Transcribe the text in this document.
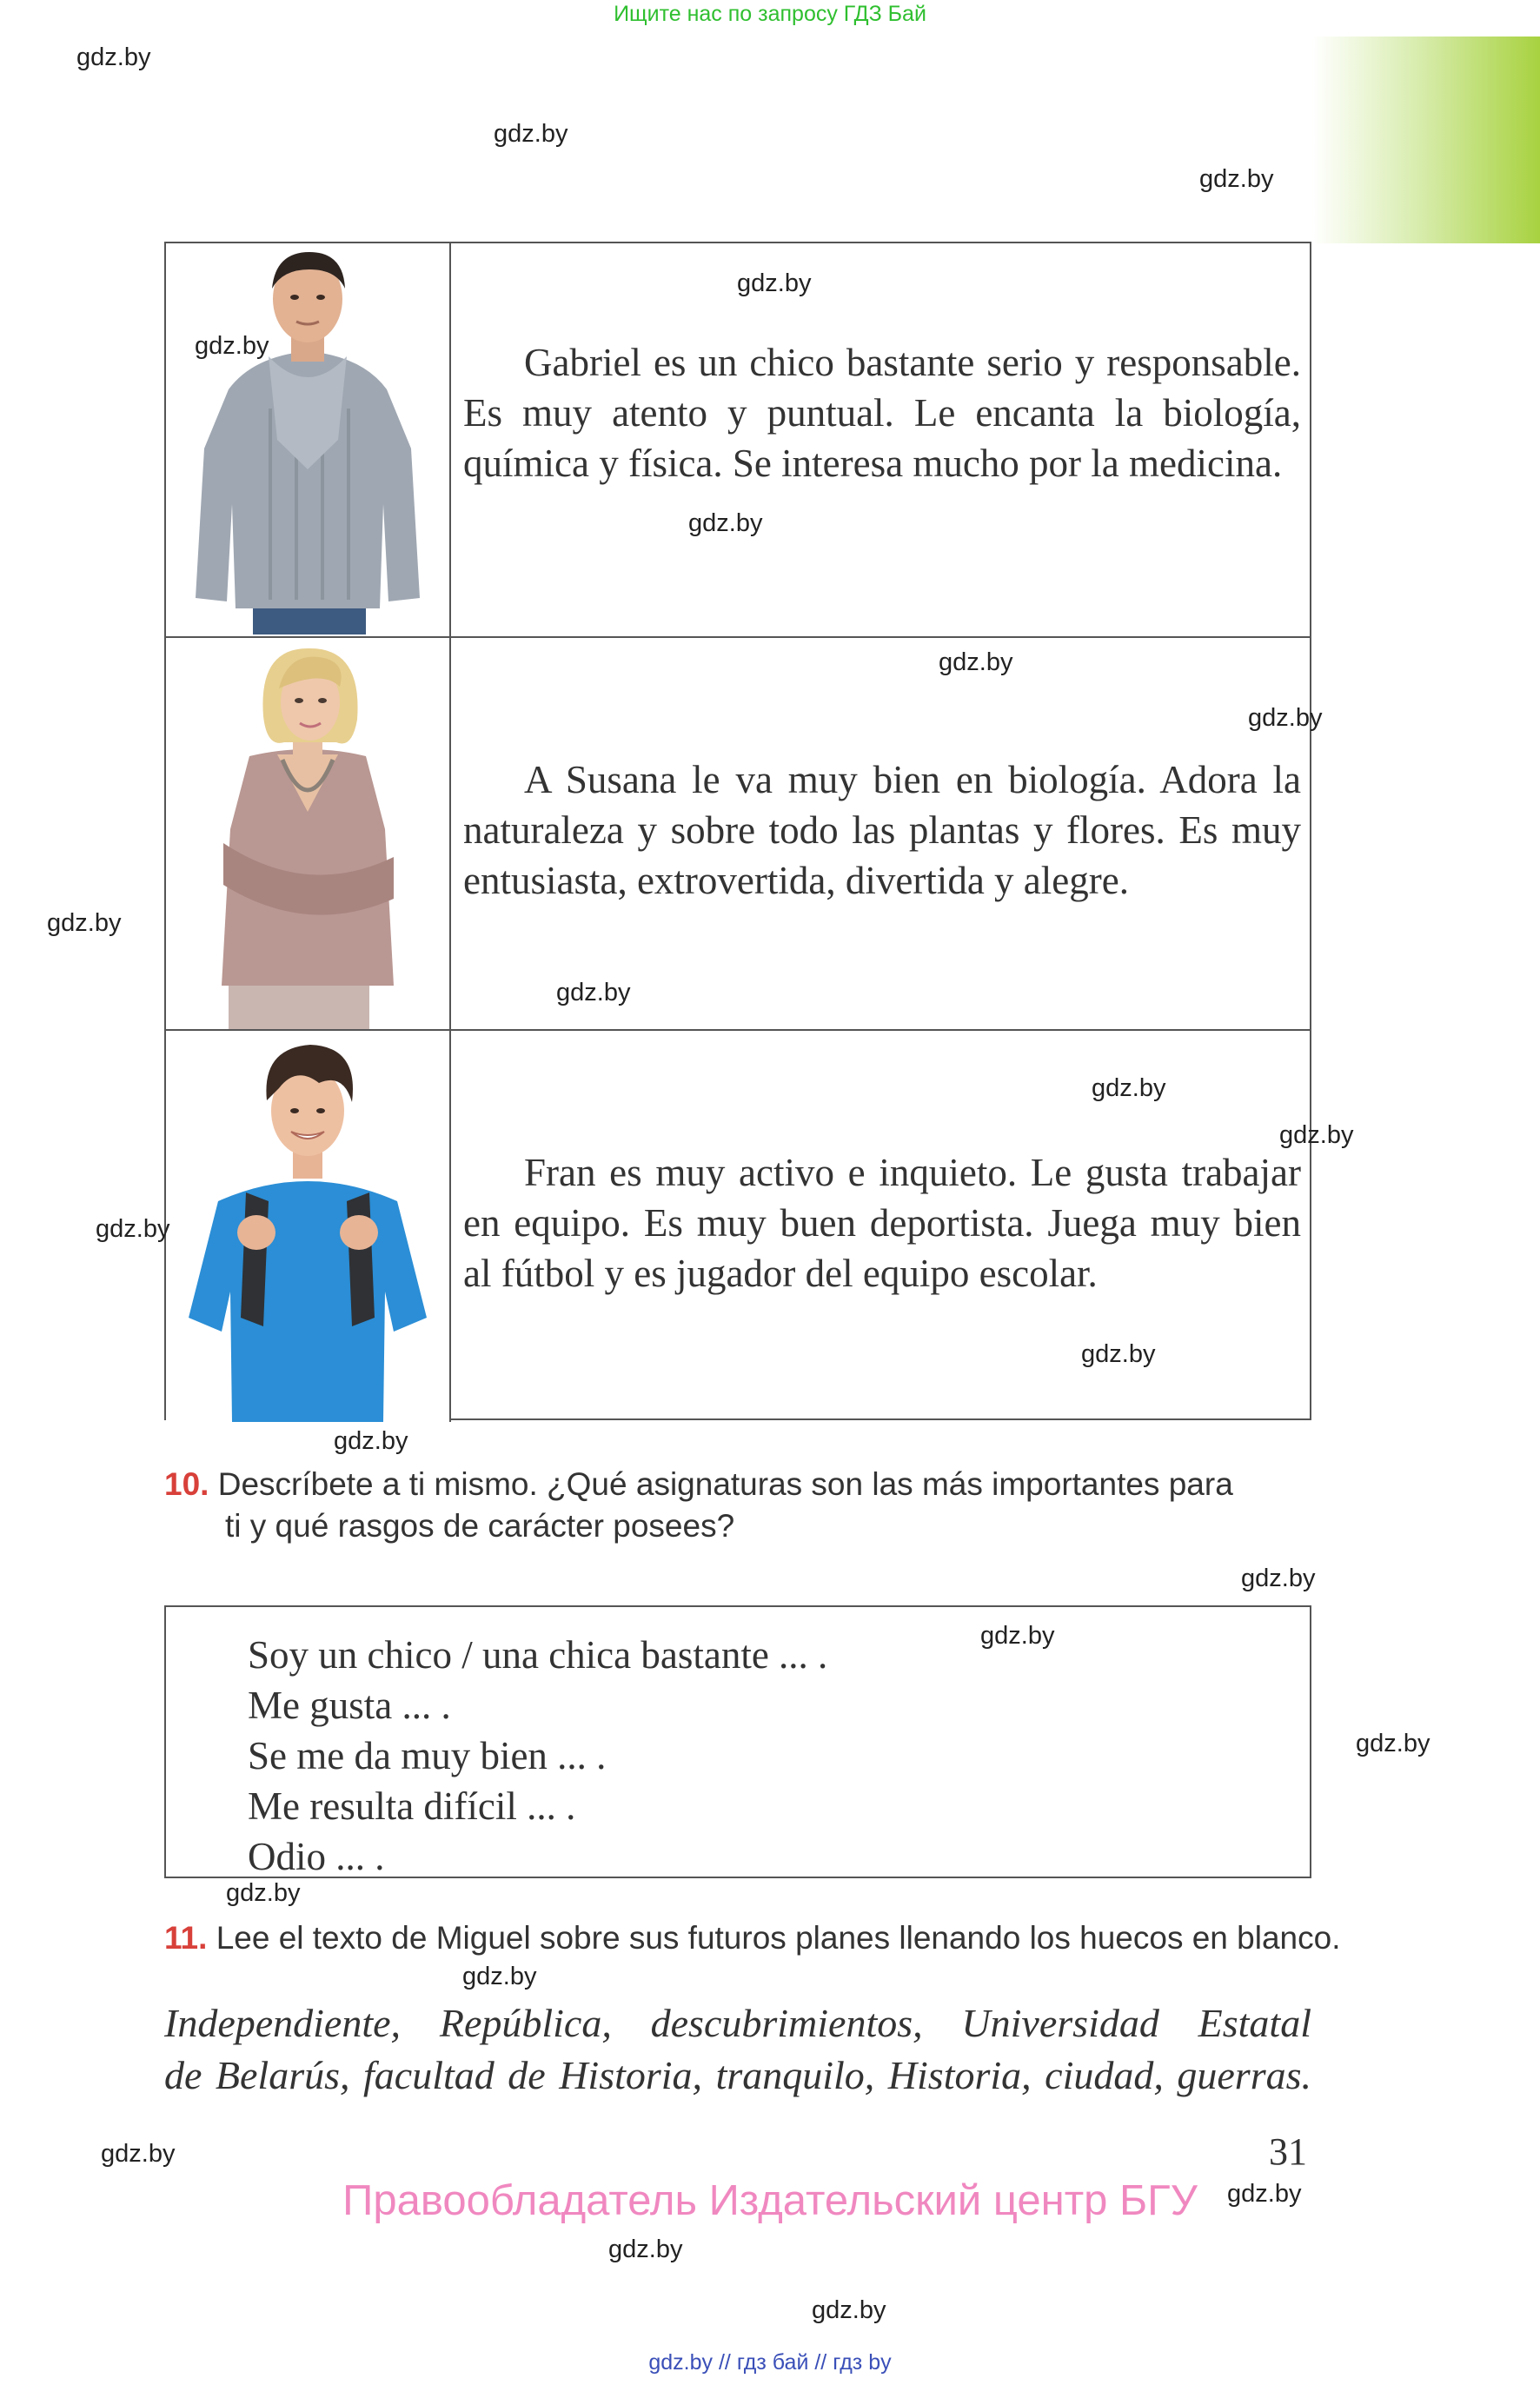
Ищите нас по запросу ГДЗ Бай
gdz.by
gdz.by
gdz.by
gdz.by
gdz.by
gdz.by
gdz.by
gdz.by
gdz.by
gdz.by
gdz.by
gdz.by
gdz.by
gdz.by
gdz.by
gdz.by
gdz.by
gdz.by
gdz.by
gdz.by
gdz.by
gdz.by
gdz.by
gdz.by

Gabriel es un chico bastante serio y responsable. Es muy atento y puntual. Le encanta la biología, química y física. Se interesa mucho por la medicina.

A Susana le va muy bien en biología. Adora la naturaleza y sobre todo las plantas y flores. Es muy entusiasta, extrovertida, divertida y alegre.

Fran es muy activo e inquieto. Le gusta trabajar en equipo. Es muy buen deportista. Juega muy bien al fútbol y es jugador del equipo escolar.

10. Descríbete a ti mismo. ¿Qué asignaturas son las más importantes para
ti y qué rasgos de carácter posees?

Soy un chico / una chica bastante ... .

Me gusta ... .

Se me da muy bien ... .

Me resulta difícil ... .

Odio ... .

11. Lee el texto de Miguel sobre sus futuros planes llenando los huecos en blanco.
Independiente, República, descubrimientos, Universidad Estatal
de Belarús, facultad de Historia, tranquilo, Historia, ciudad, guerras.
31
Правообладатель Издательский центр БГУ
gdz.by // гдз бай // гдз by
